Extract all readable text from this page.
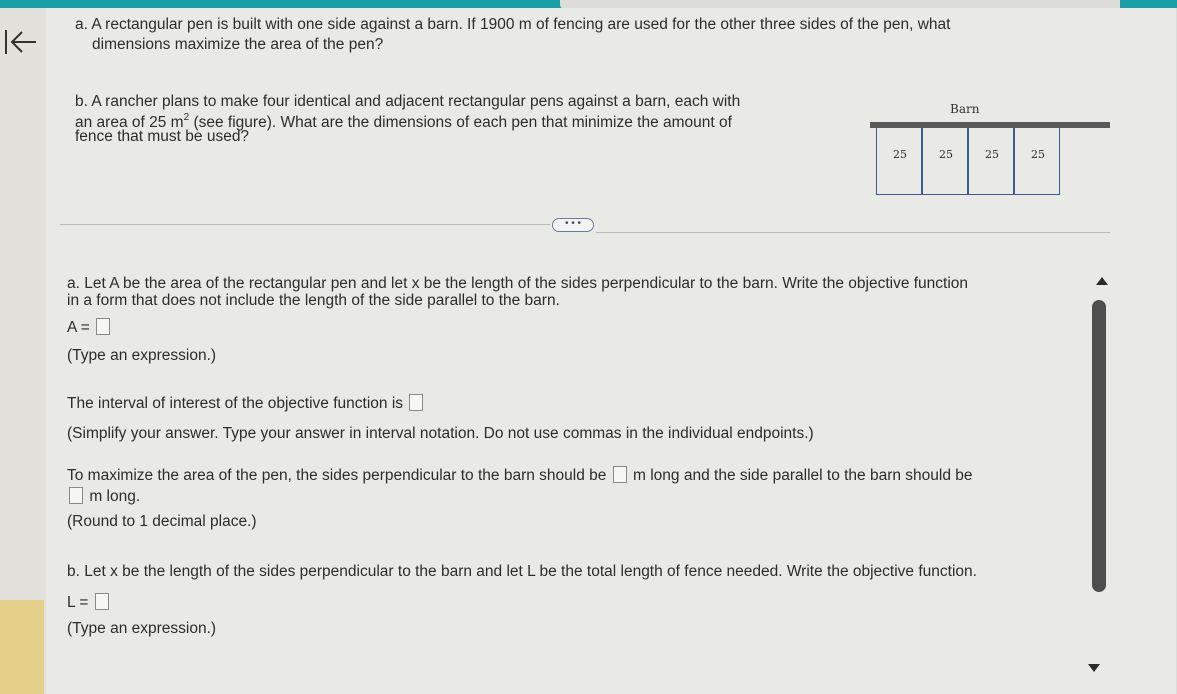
a. A rectangular pen is built with one side against a barn. If 1900 m of fencing are used for the other three sides of the pen, what
dimensions maximize the area of the pen?
b. A rancher plans to make four identical and adjacent rectangular pens against a barn, each with
an area of 25 $m^2$ (see figure). What are the dimensions of each pen that minimize the amount of
fence that must be used?
Barn
25	25	25	25
• • •
a. Let A be the area of the rectangular pen and let x be the length of the sides perpendicular to the barn. Write the objective function
in a form that does not include the length of the side parallel to the barn.
A =
(Type an expression.)
The interval of interest of the objective function is
(Simplify your answer. Type your answer in interval notation. Do not use commas in the individual endpoints.)
To maximize the area of the pen, the sides perpendicular to the barn should be m long and the side parallel to the barn should be
m long.
(Round to 1 decimal place.)
b. Let x be the length of the sides perpendicular to the barn and let L be the total length of fence needed. Write the objective function.
L =
(Type an expression.)
